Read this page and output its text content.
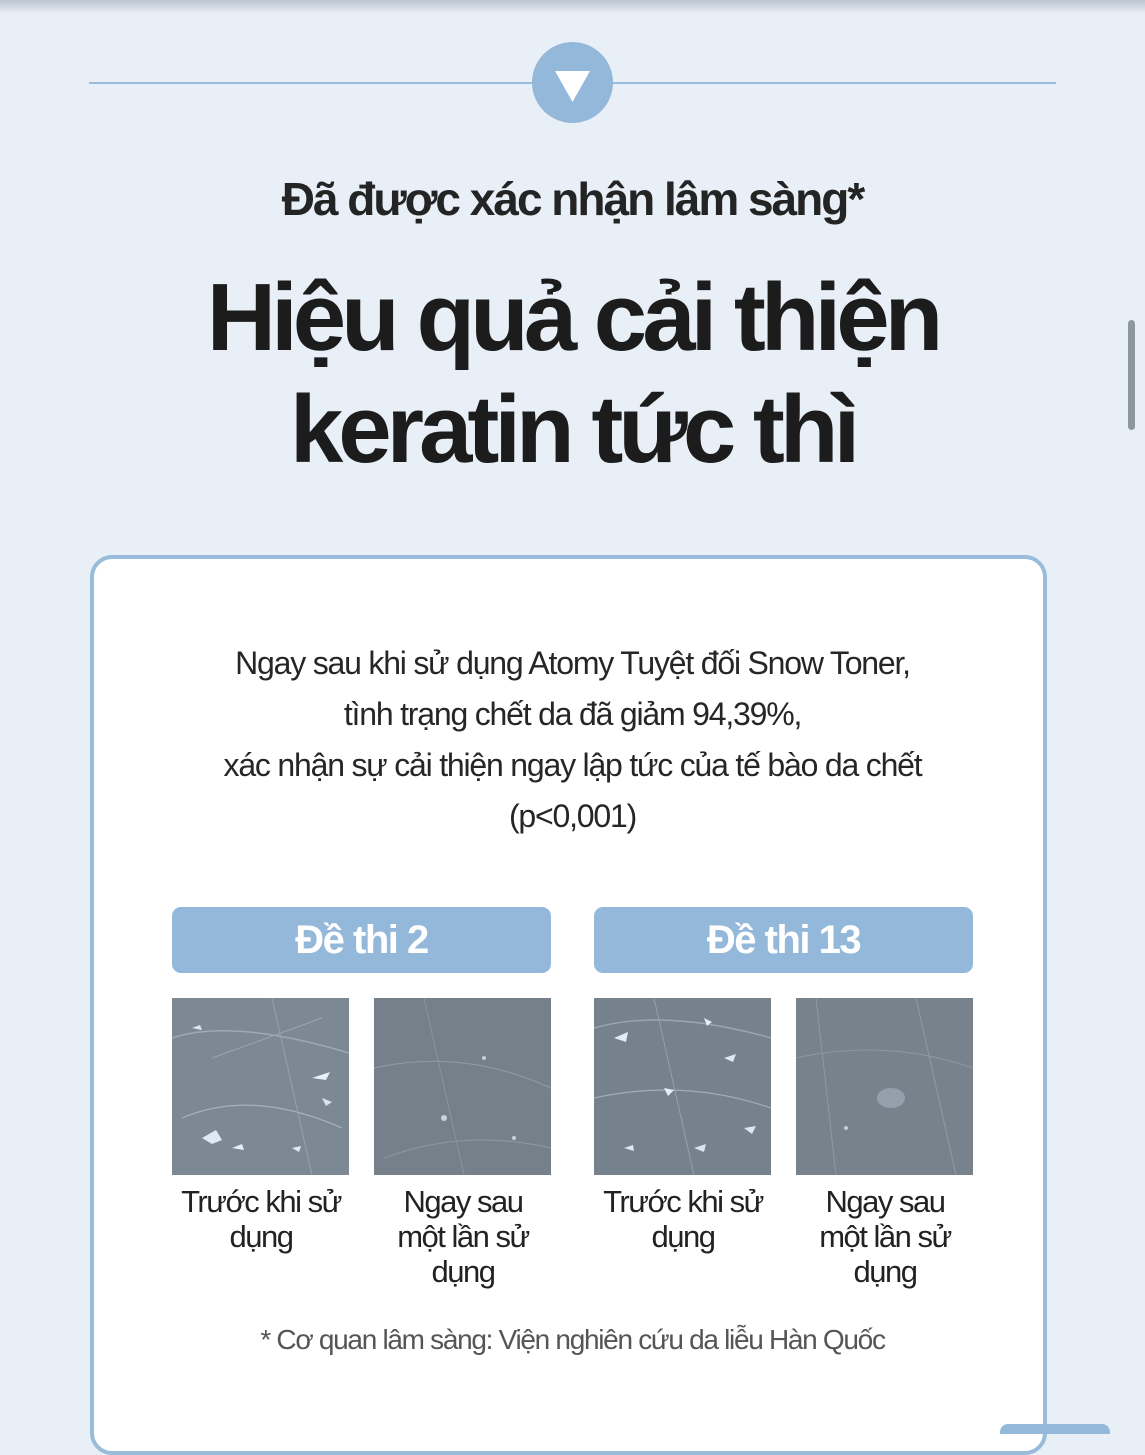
Đã được xác nhận lâm sàng*
Hiệu quả cải thiện
keratin tức thì
Ngay sau khi sử dụng Atomy Tuyệt đối Snow Toner,
tình trạng chết da đã giảm 94,39%,
xác nhận sự cải thiện ngay lập tức của tế bào da chết
(p<0,001)
Đề thi 2	Đề thi 13
Trước khi sử
dụng
Ngay sau
một lần sử
dụng
Trước khi sử
dụng
Ngay sau
một lần sử
dụng
* Cơ quan lâm sàng: Viện nghiên cứu da liễu Hàn Quốc
